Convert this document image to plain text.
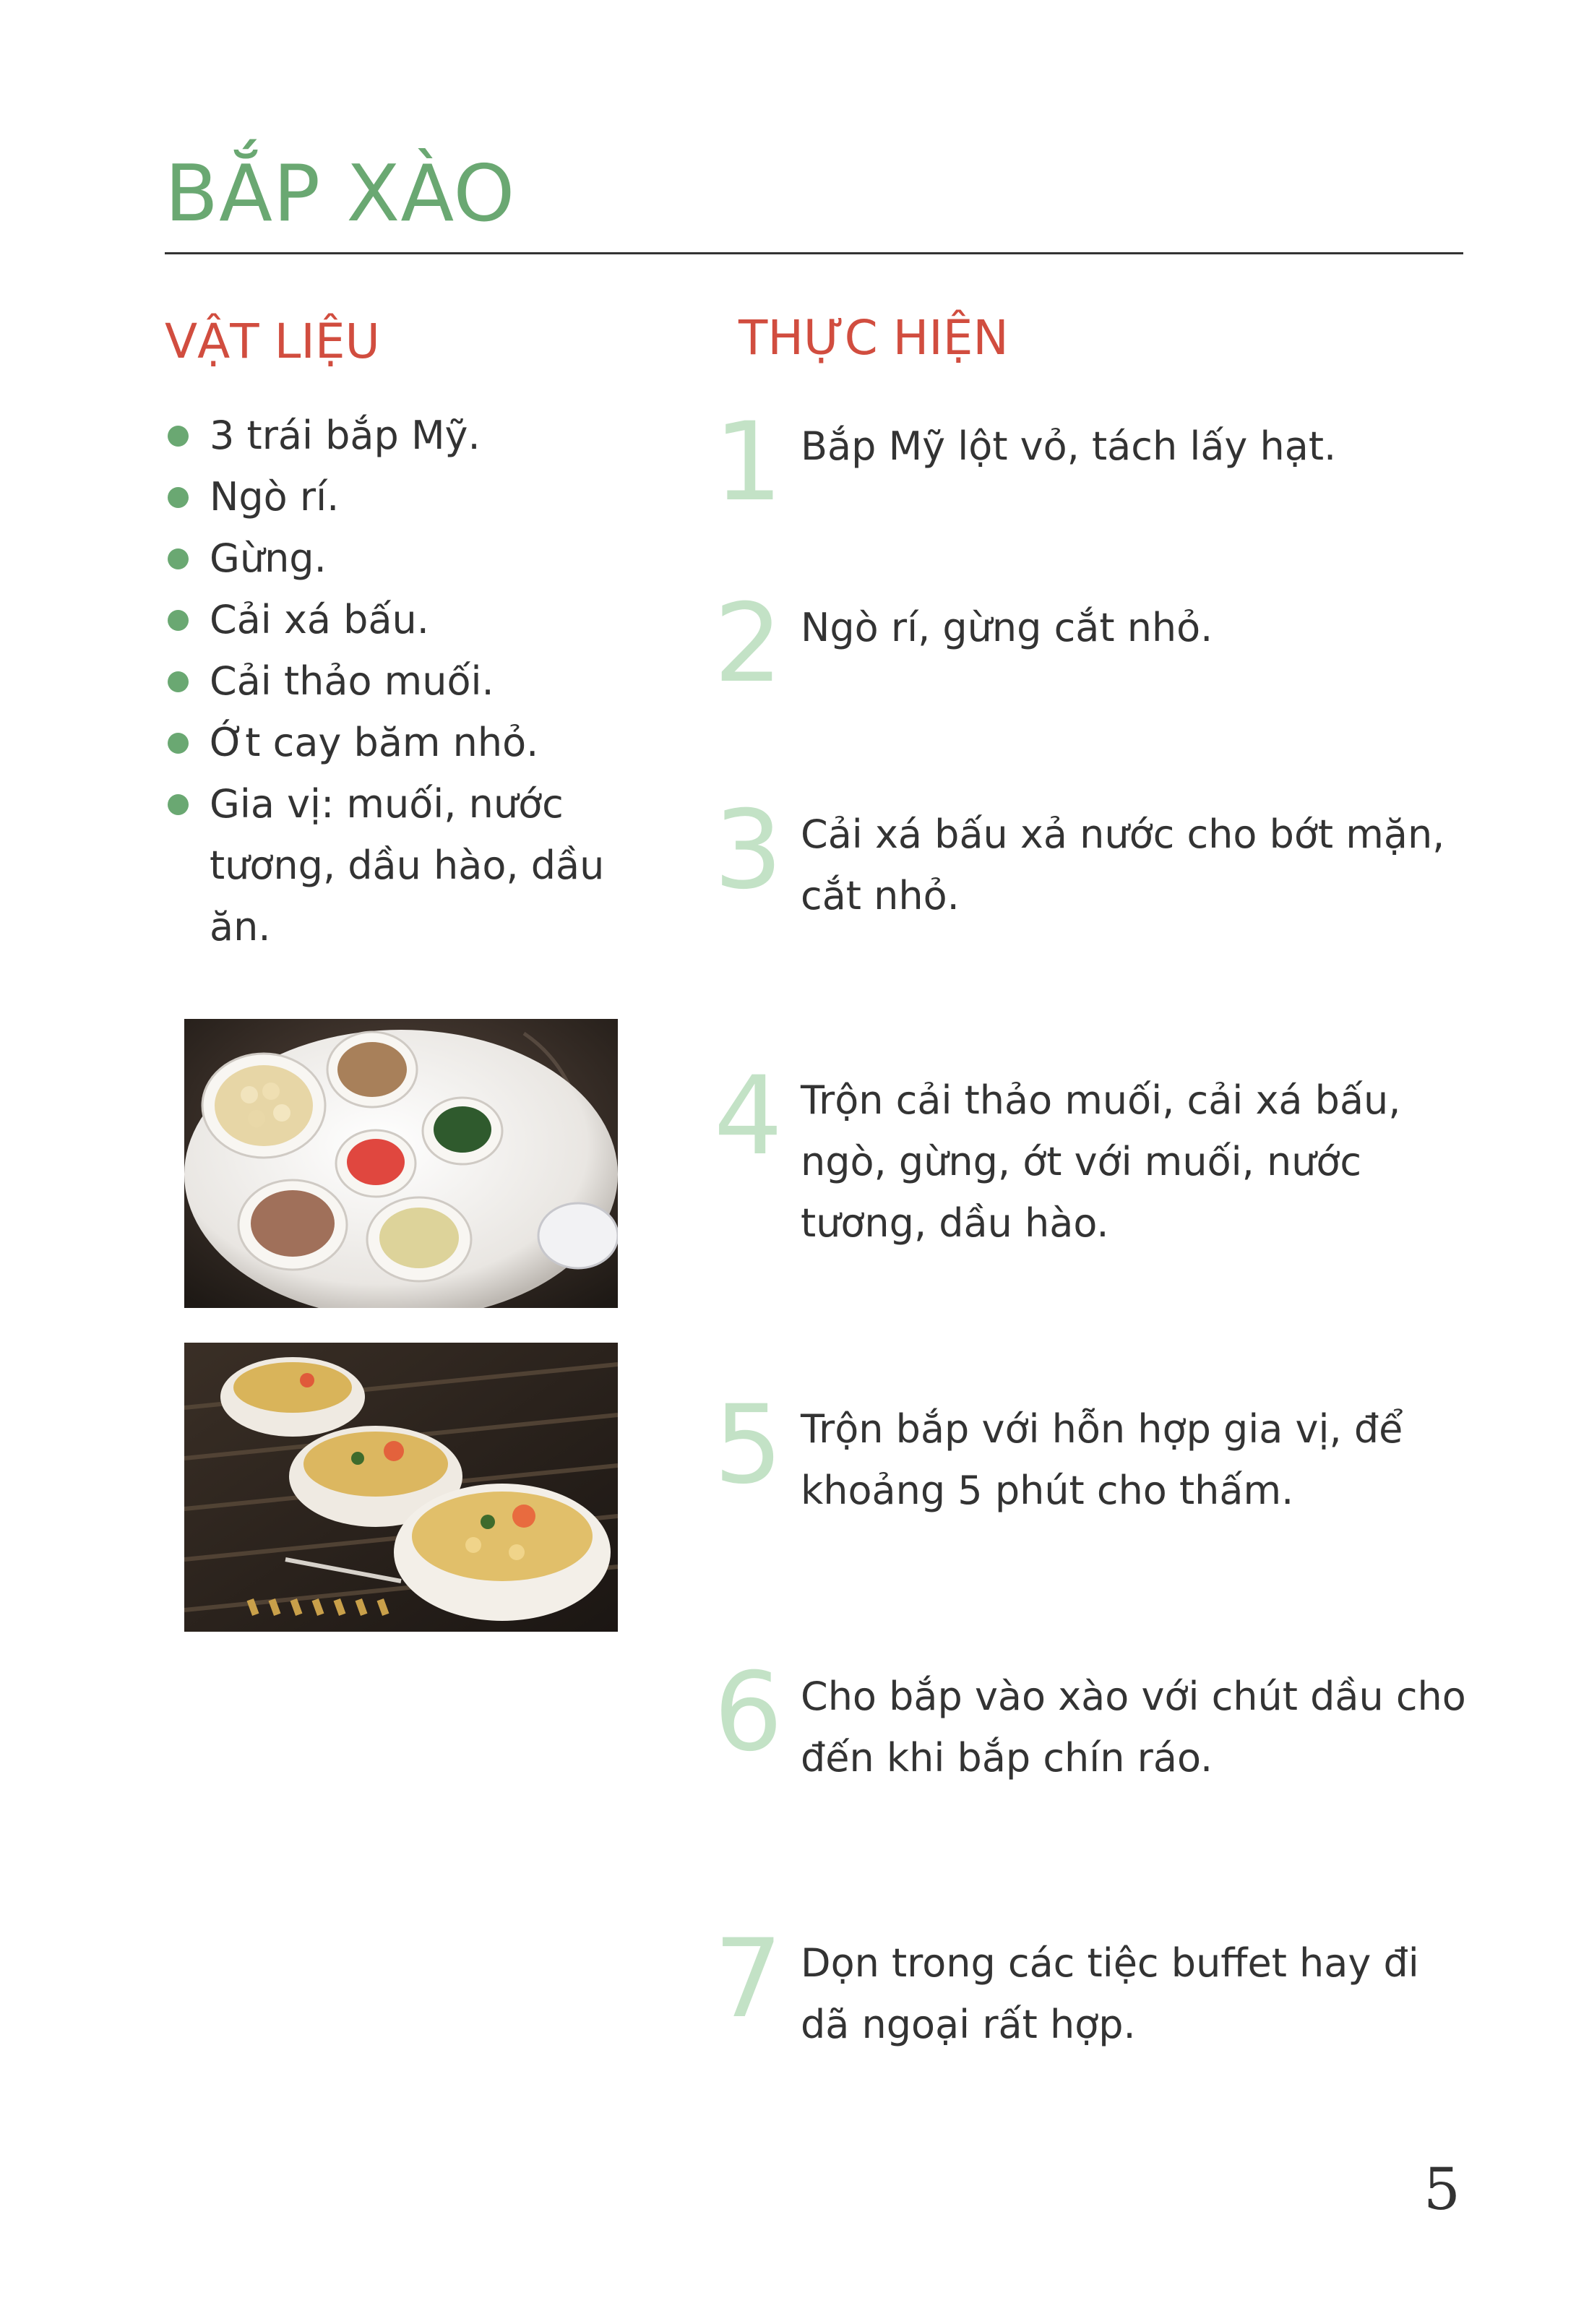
BẮP XÀO
VẬT LIỆU
3 trái bắp Mỹ.
Ngò rí.
Gừng.
Cải xá bấu.
Cải thảo muối.
Ớt cay băm nhỏ.
Gia vị: muối, nước tương, dầu hào, dầu ăn.
THỰC HIỆN
1 Bắp Mỹ lột vỏ, tách lấy hạt.
2 Ngò rí, gừng cắt nhỏ.
3 Cải xá bấu xả nước cho bớt mặn, cắt nhỏ.
4 Trộn cải thảo muối, cải xá bấu, ngò, gừng, ớt với muối, nước tương, dầu hào.
5 Trộn bắp với hỗn hợp gia vị, để khoảng 5 phút cho thấm.
6 Cho bắp vào xào với chút dầu cho đến khi bắp chín ráo.
7 Dọn trong các tiệc buffet hay đi dã ngoại rất hợp.
5
